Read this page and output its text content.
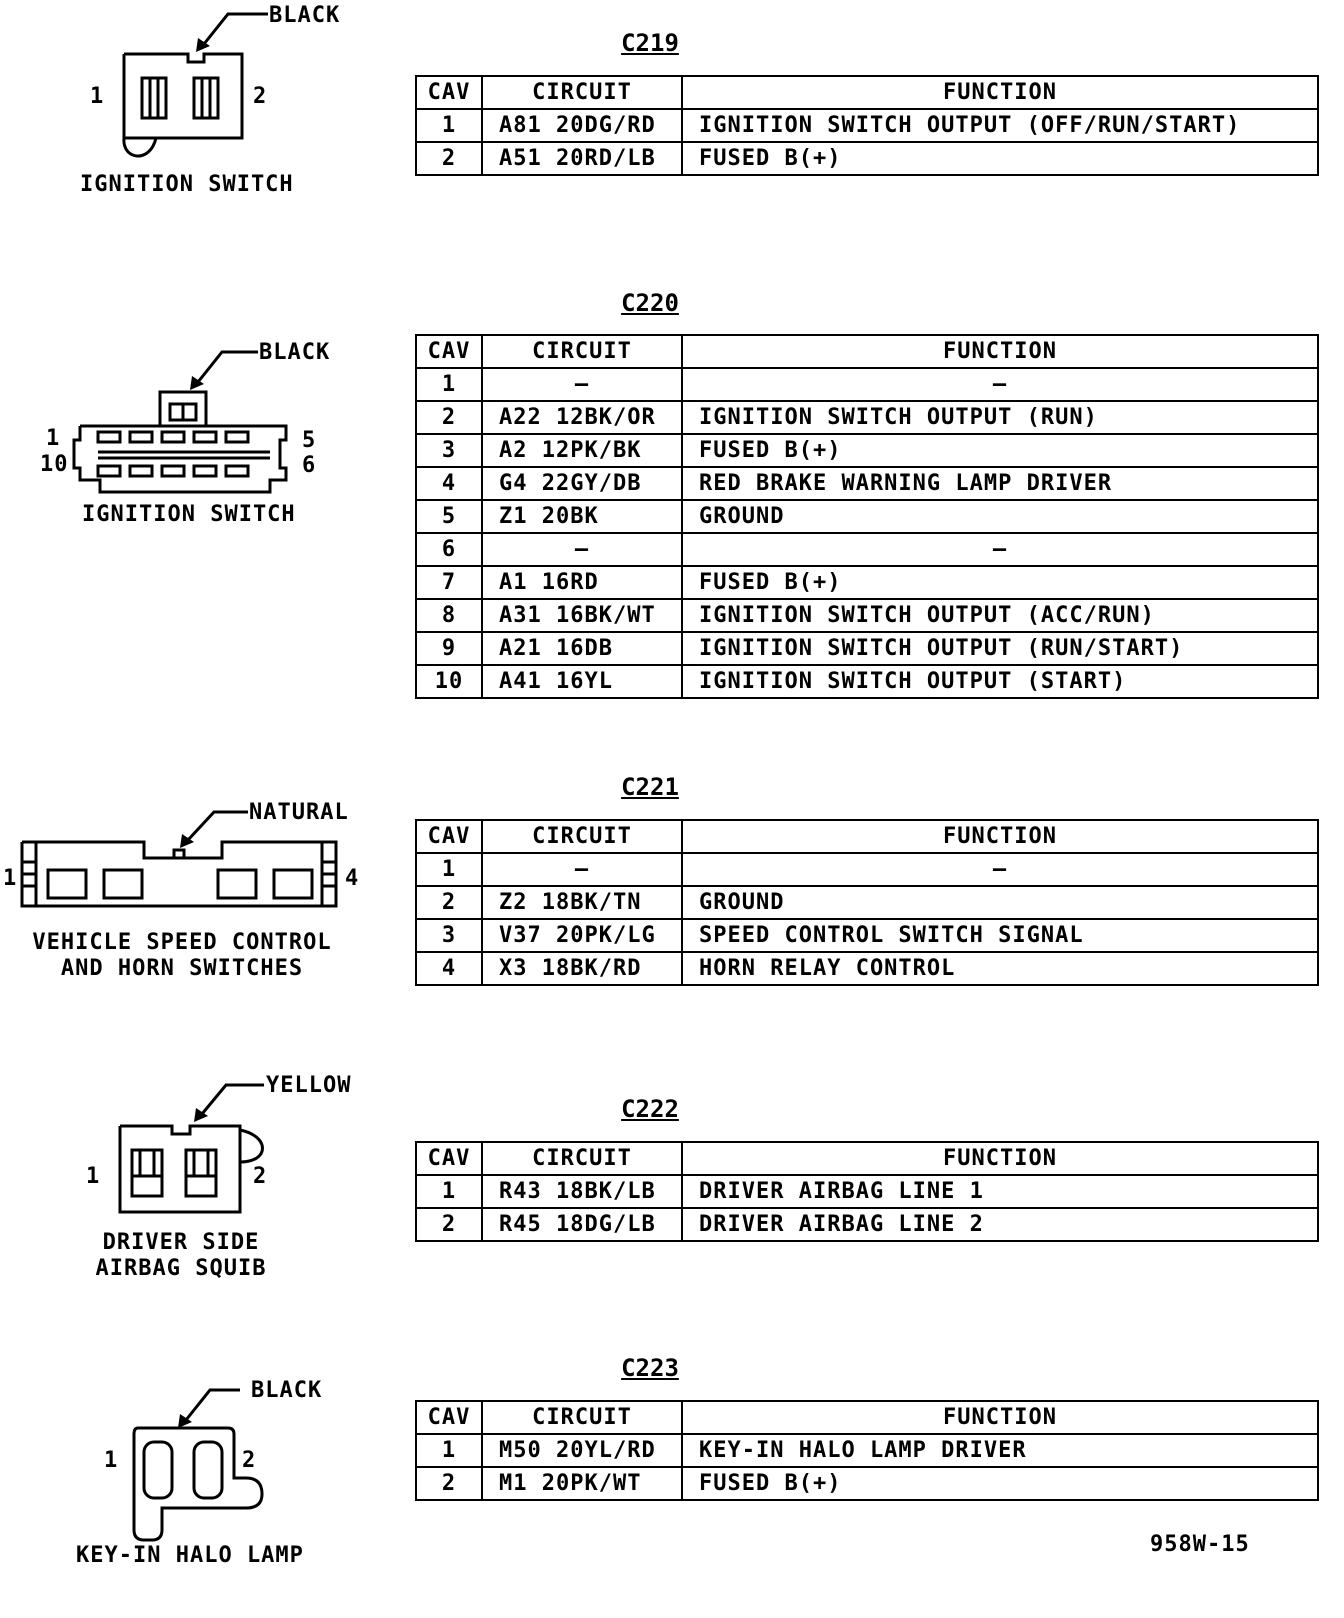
BLACK
1	2
IGNITION SWITCH
C219
CAV	CIRCUIT	FUNCTION
1	A81 20DG/RD	IGNITION SWITCH OUTPUT (OFF/RUN/START)
2	A51 20RD/LB	FUSED B(+)
BLACK
1
10
5
6
IGNITION SWITCH
C220
CAV	CIRCUIT	FUNCTION
1	–	–
2	A22 12BK/OR	IGNITION SWITCH OUTPUT (RUN)
3	A2 12PK/BK	FUSED B(+)
4	G4 22GY/DB	RED BRAKE WARNING LAMP DRIVER
5	Z1 20BK	GROUND
6	–	–
7	A1 16RD	FUSED B(+)
8	A31 16BK/WT	IGNITION SWITCH OUTPUT (ACC/RUN)
9	A21 16DB	IGNITION SWITCH OUTPUT (RUN/START)
10	A41 16YL	IGNITION SWITCH OUTPUT (START)
NATURAL
1	4
VEHICLE SPEED CONTROL
AND HORN SWITCHES
C221
CAV	CIRCUIT	FUNCTION
1	–	–
2	Z2 18BK/TN	GROUND
3	V37 20PK/LG	SPEED CONTROL SWITCH SIGNAL
4	X3 18BK/RD	HORN RELAY CONTROL
YELLOW
1	2
DRIVER SIDE
AIRBAG SQUIB
C222
CAV	CIRCUIT	FUNCTION
1	R43 18BK/LB	DRIVER AIRBAG LINE 1
2	R45 18DG/LB	DRIVER AIRBAG LINE 2
BLACK
1	2
KEY-IN HALO LAMP
C223
CAV	CIRCUIT	FUNCTION
1	M50 20YL/RD	KEY-IN HALO LAMP DRIVER
2	M1 20PK/WT	FUSED B(+)
958W-15
